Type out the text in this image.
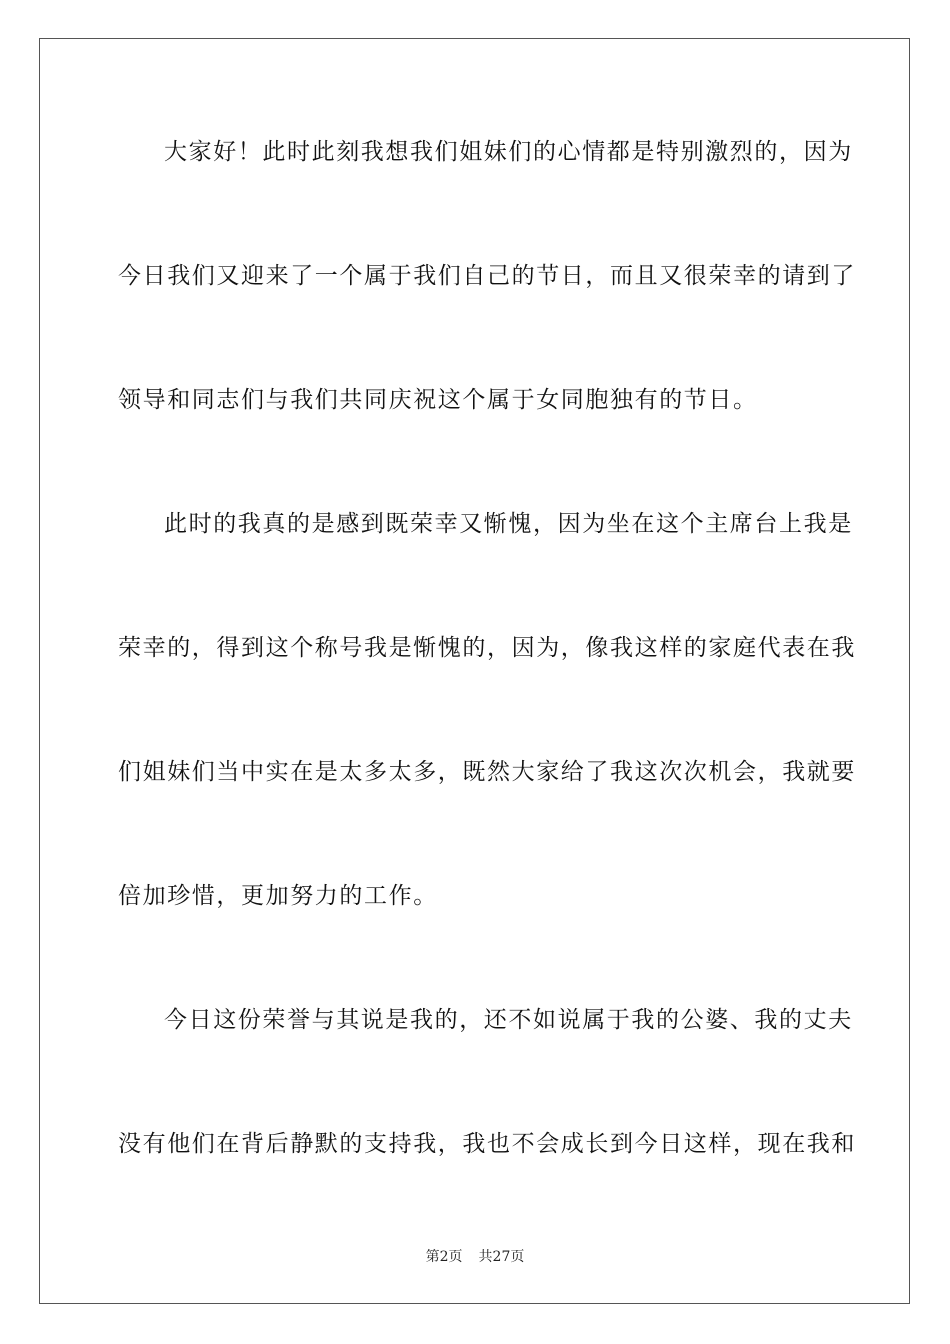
大家好！此时此刻我想我们姐妹们的心情都是特别激烈的，因为
今日我们又迎来了一个属于我们自己的节日，而且又很荣幸的请到了
领导和同志们与我们共同庆祝这个属于女同胞独有的节日。
此时的我真的是感到既荣幸又惭愧，因为坐在这个主席台上我是
荣幸的，得到这个称号我是惭愧的，因为，像我这样的家庭代表在我
们姐妹们当中实在是太多太多，既然大家给了我这次次机会，我就要
倍加珍惜，更加努力的工作。
今日这份荣誉与其说是我的，还不如说属于我的公婆、我的丈夫
没有他们在背后静默的支持我，我也不会成长到今日这样，现在我和
第2页 共27页
